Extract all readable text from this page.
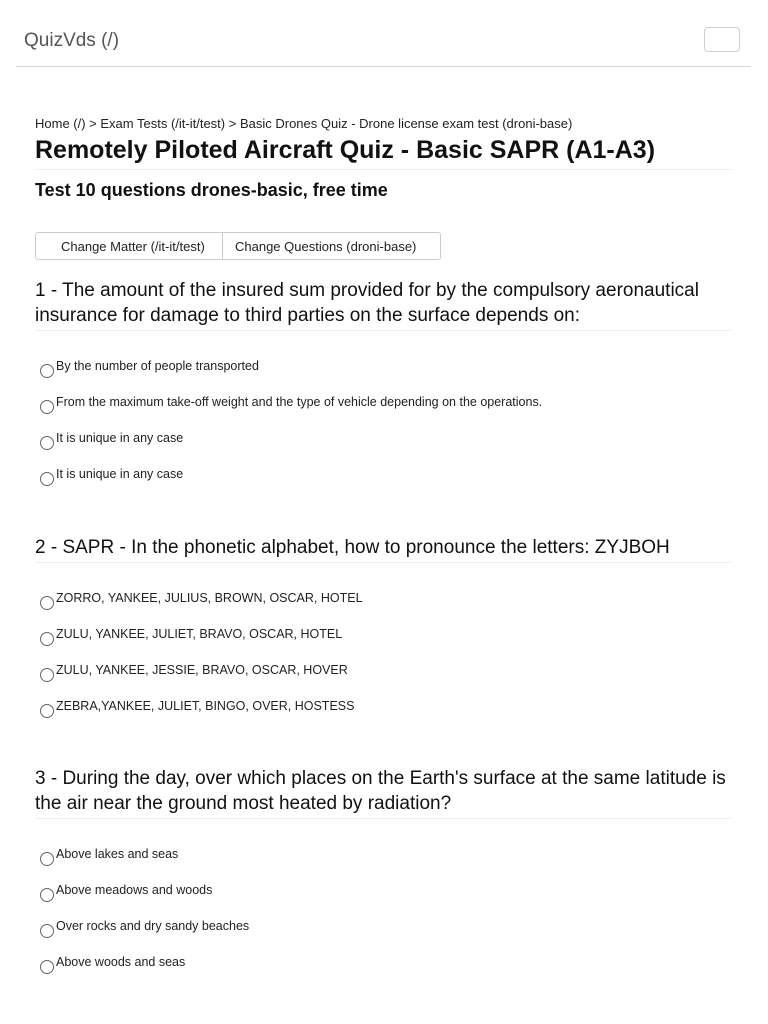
QuizVds (/)
Home (/) > Exam Tests (/it-it/test) > Basic Drones Quiz - Drone license exam test (droni-base)
Remotely Piloted Aircraft Quiz - Basic SAPR (A1-A3)
Test 10 questions drones-basic, free time
Change Matter (/it-it/test)	Change Questions (droni-base)

1 - The amount of the insured sum provided for by the compulsory aeronautical insurance for damage to third parties on the surface depends on:

By the number of people transported
From the maximum take-off weight and the type of vehicle depending on the operations.
It is unique in any case
It is unique in any case

2 - SAPR - In the phonetic alphabet, how to pronounce the letters: ZYJBOH

ZORRO, YANKEE, JULIUS, BROWN, OSCAR, HOTEL
ZULU, YANKEE, JULIET, BRAVO, OSCAR, HOTEL
ZULU, YANKEE, JESSIE, BRAVO, OSCAR, HOVER
ZEBRA,YANKEE, JULIET, BINGO, OVER, HOSTESS

3 - During the day, over which places on the Earth's surface at the same latitude is the air near the ground most heated by radiation?

Above lakes and seas
Above meadows and woods
Over rocks and dry sandy beaches
Above woods and seas
